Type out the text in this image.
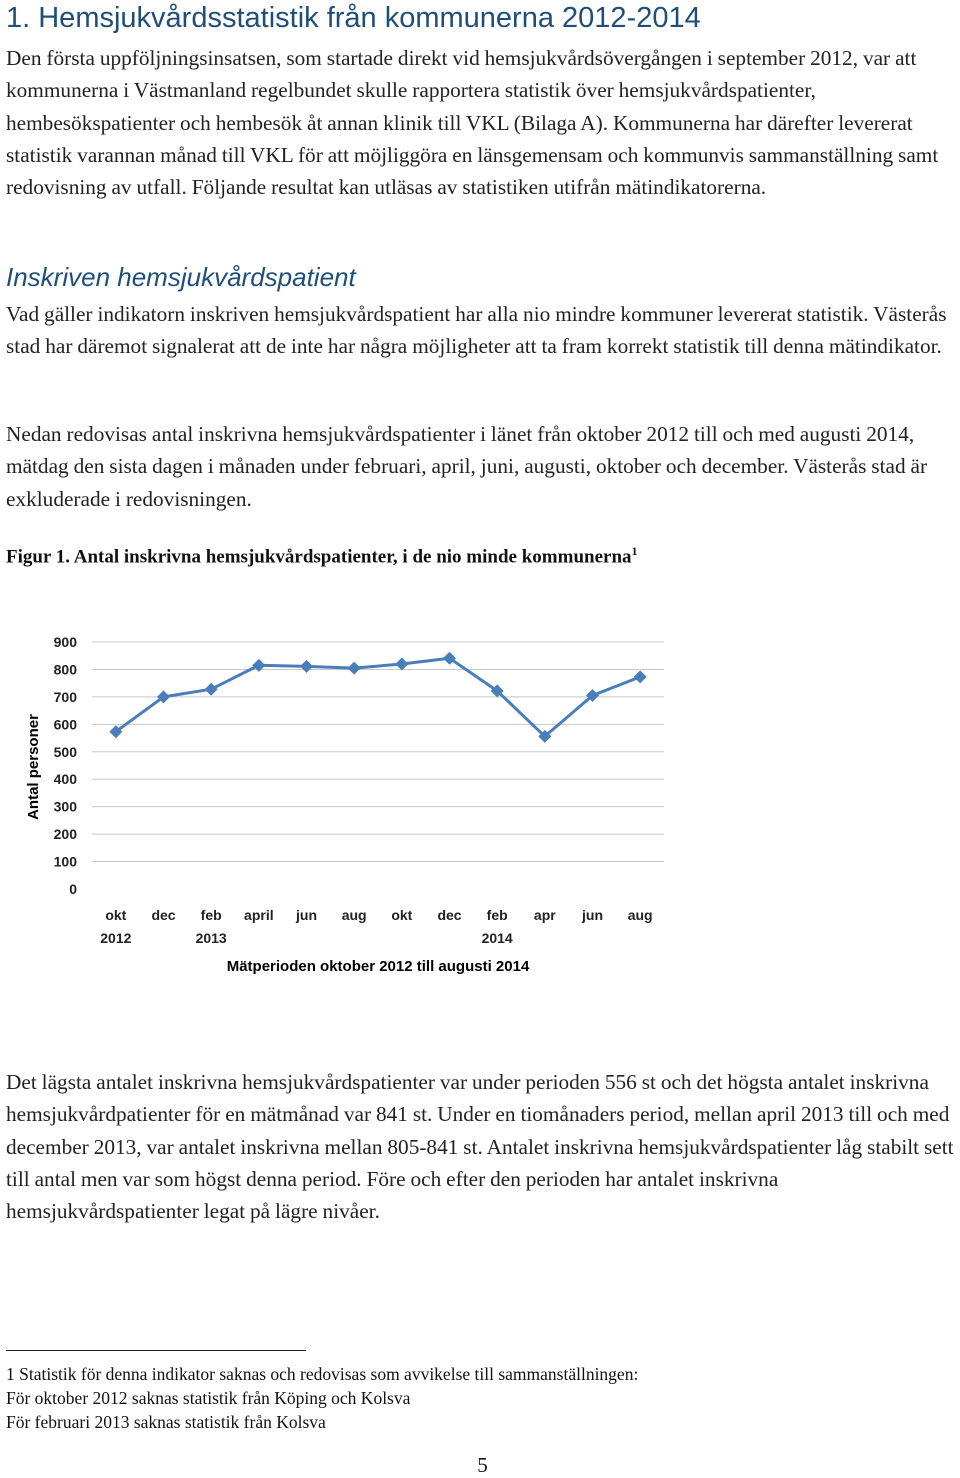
1. Hemsjukvårdsstatistik från kommunerna 2012-2014

Den första uppföljningsinsatsen, som startade direkt vid hemsjukvårdsövergången i september 2012, var att kommunerna i Västmanland regelbundet skulle rapportera statistik över hemsjukvårdspatienter, hembesökspatienter och hembesök åt annan klinik till VKL (Bilaga A). Kommunerna har därefter levererat statistik varannan månad till VKL för att möjliggöra en länsgemensam och kommunvis sammanställning samt redovisning av utfall. Följande resultat kan utläsas av statistiken utifrån mätindikatorerna.

Inskriven hemsjukvårdspatient

Vad gäller indikatorn inskriven hemsjukvårdspatient har alla nio mindre kommuner levererat statistik. Västerås stad har däremot signalerat att de inte har några möjligheter att ta fram korrekt statistik till denna mätindikator.

Nedan redovisas antal inskrivna hemsjukvårdspatienter i länet från oktober 2012 till och med augusti 2014, mätdag den sista dagen i månaden under februari, april, juni, augusti, oktober och december. Västerås stad är exkluderade i redovisningen.

Figur 1. Antal inskrivna hemsjukvårdspatienter, i de nio minde kommunerna$^1$

0
100
200
300
400
500
600
700
800
900
okt
2012
dec feb
2013
april jun aug okt dec feb
2014
apr jun aug
Antal personer
Mätperioden oktober 2012 till augusti 2014

Det lägsta antalet inskrivna hemsjukvårdspatienter var under perioden 556 st och det högsta antalet inskrivna hemsjukvårdpatienter för en mätmånad var 841 st. Under en tiomånaders period, mellan april 2013 till och med december 2013, var antalet inskrivna mellan 805-841 st. Antalet inskrivna hemsjukvårdspatienter låg stabilt sett till antal men var som högst denna period. Före och efter den perioden har antalet inskrivna hemsjukvårdspatienter legat på lägre nivåer.

1 Statistik för denna indikator saknas och redovisas som avvikelse till sammanställningen:
För oktober 2012 saknas statistik från Köping och Kolsva
För februari 2013 saknas statistik från Kolsva
5
